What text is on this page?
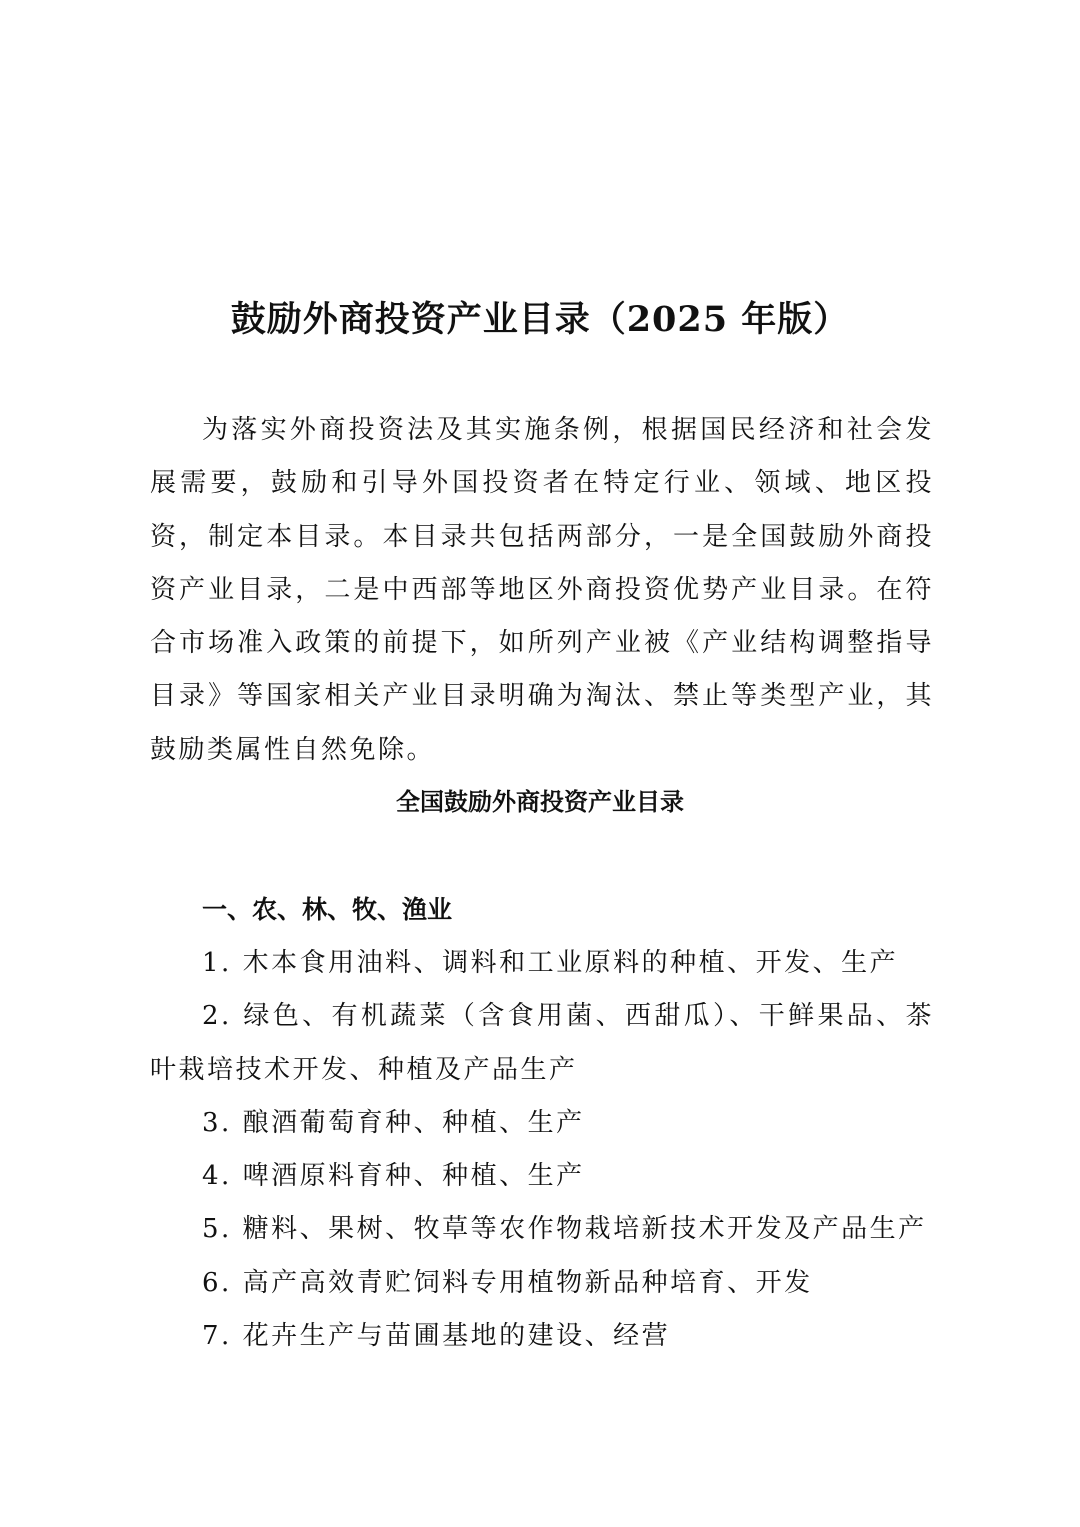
鼓励外商投资产业目录（2025 年版）

为落实外商投资法及其实施条例，根据国民经济和社会发展需要，鼓励和引导外国投资者在特定行业、领域、地区投资，制定本目录。本目录共包括两部分，一是全国鼓励外商投资产业目录，二是中西部等地区外商投资优势产业目录。在符合市场准入政策的前提下，如所列产业被《产业结构调整指导目录》等国家相关产业目录明确为淘汰、禁止等类型产业，其鼓励类属性自然免除。

全国鼓励外商投资产业目录
一、农、林、牧、渔业
1. 木本食用油料、调料和工业原料的种植、开发、生产
2. 绿色、有机蔬菜（含食用菌、西甜瓜）、干鲜果品、茶叶栽培技术开发、种植及产品生产
3. 酿酒葡萄育种、种植、生产
4. 啤酒原料育种、种植、生产
5. 糖料、果树、牧草等农作物栽培新技术开发及产品生产
6. 高产高效青贮饲料专用植物新品种培育、开发
7. 花卉生产与苗圃基地的建设、经营
